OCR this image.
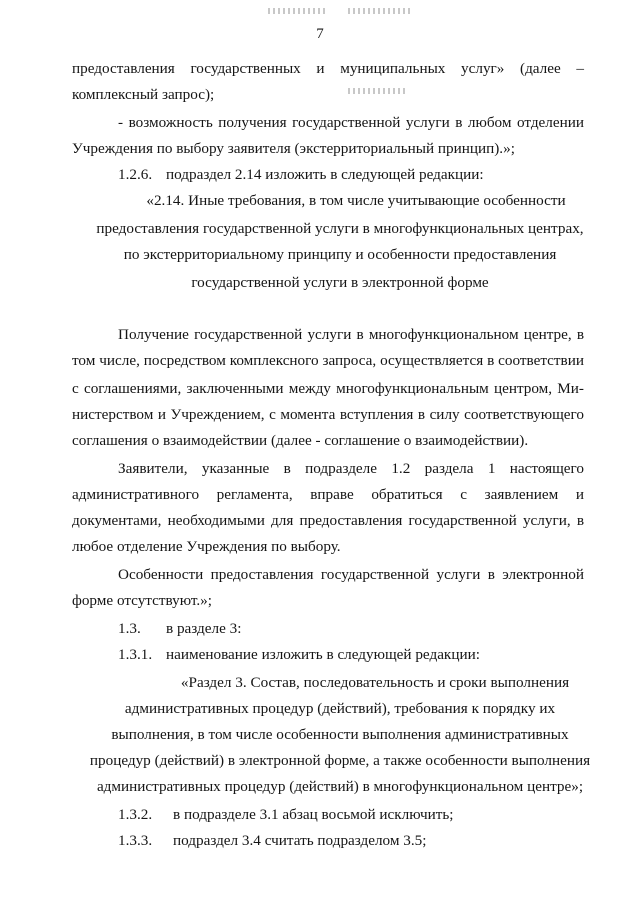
7
предоставления государственных и муниципальных услуг» (далее –
комплексный запрос);
- возможность получения государственной услуги в любом отделении
Учреждения по выбору заявителя (экстерриториальный принцип).»;
1.2.6. подраздел 2.14 изложить в следующей редакции:
«2.14. Иные требования, в том числе учитывающие особенности
предоставления государственной услуги в многофункциональных центрах,
по экстерриториальному принципу и особенности предоставления
государственной услуги в электронной форме
Получение государственной услуги в многофункциональном центре, в
том числе, посредством комплексного запроса, осуществляется в соответствии
с соглашениями, заключенными между многофункциональным центром, Ми-
нистерством и Учреждением, с момента вступления в силу соответствующего
соглашения о взаимодействии (далее - соглашение о взаимодействии).
Заявители, указанные в подразделе 1.2 раздела 1 настоящего
административного регламента, вправе обратиться с заявлением и
документами, необходимыми для предоставления государственной услуги, в
любое отделение Учреждения по выбору.
Особенности предоставления государственной услуги в электронной
форме отсутствуют.»;
1.3. в разделе 3:
1.3.1. наименование изложить в следующей редакции:
«Раздел 3. Состав, последовательность и сроки выполнения
административных процедур (действий), требования к порядку их
выполнения, в том числе особенности выполнения административных
процедур (действий) в электронной форме, а также особенности выполнения
административных процедур (действий) в многофункциональном центре»;
1.3.2. в подразделе 3.1 абзац восьмой исключить;
1.3.3. подраздел 3.4 считать подразделом 3.5;
